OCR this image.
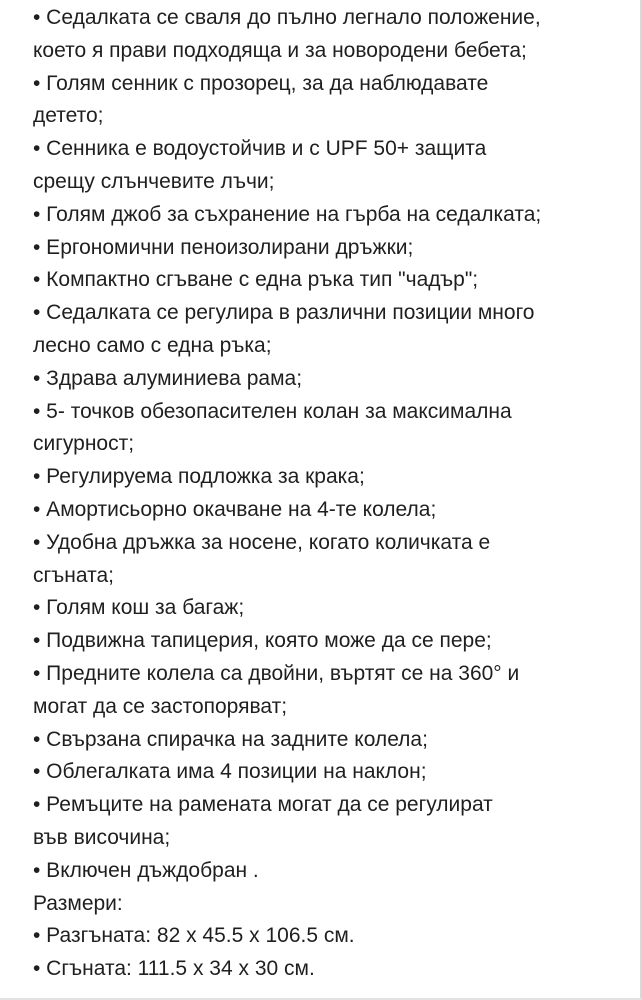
• Седалката се сваля до пълно легнало положение,
което я прави подходяща и за новородени бебета;
• Голям сенник с прозорец, за да наблюдавате
детето;
• Сенника е водоустойчив и с UPF 50+ защита
срещу слънчевите лъчи;
• Голям джоб за съхранение на гърба на седалката;
• Ергономични пеноизолирани дръжки;
• Компактно сгъване с една ръка тип "чадър";
• Седалката се регулира в различни позиции много
лесно само с една ръка;
• Здрава алуминиева рама;
• 5- точков обезопасителен колан за максимална
сигурност;
• Регулируема подложка за крака;
• Амортисьорно окачване на 4-те колела;
• Удобна дръжка за носене, когато количката е
сгъната;
• Голям кош за багаж;
• Подвижна тапицерия, която може да се пере;
• Предните колела са двойни, въртят се на 360° и
могат да се застопоряват;
• Свързана спирачка на задните колела;
• Облегалката има 4 позиции на наклон;
• Ремъците на рамената могат да се регулират
във височина;
• Включен дъждобран .
Размери:
• Разгъната: 82 x 45.5 x 106.5 см.
• Сгъната: 111.5 x 34 x 30 см.
